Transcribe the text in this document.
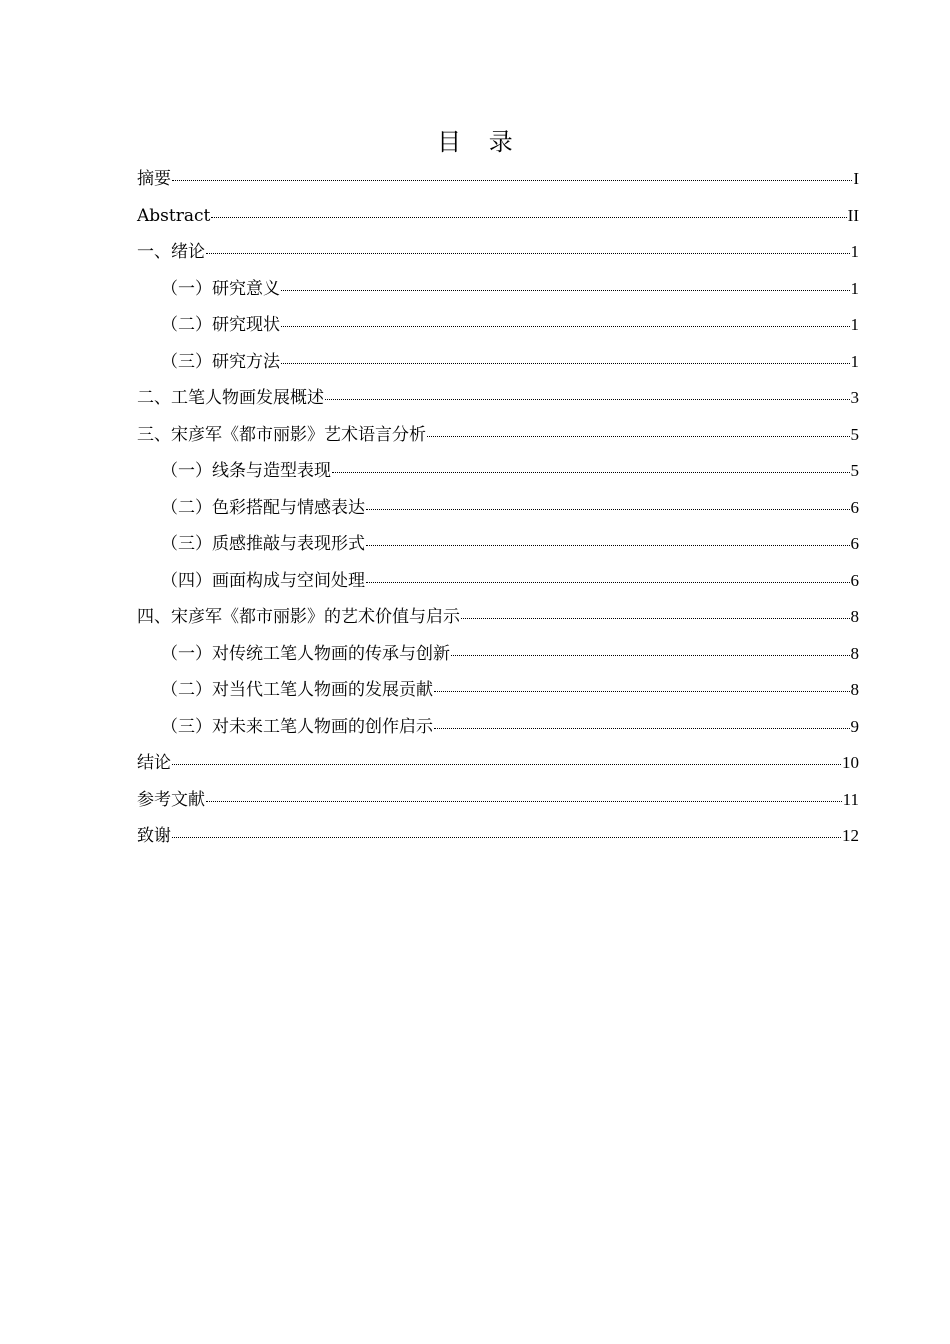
目 录
摘要	I
Abstract	II
一、绪论	1
（一）研究意义	1
（二）研究现状	1
（三）研究方法	1
二、工笔人物画发展概述	3
三、宋彦军《都市丽影》艺术语言分析	5
（一）线条与造型表现	5
（二）色彩搭配与情感表达	6
（三）质感推敲与表现形式	6
（四）画面构成与空间处理	6
四、宋彦军《都市丽影》的艺术价值与启示	8
（一）对传统工笔人物画的传承与创新	8
（二）对当代工笔人物画的发展贡献	8
（三）对未来工笔人物画的创作启示	9
结论	10
参考文献	11
致谢	12
